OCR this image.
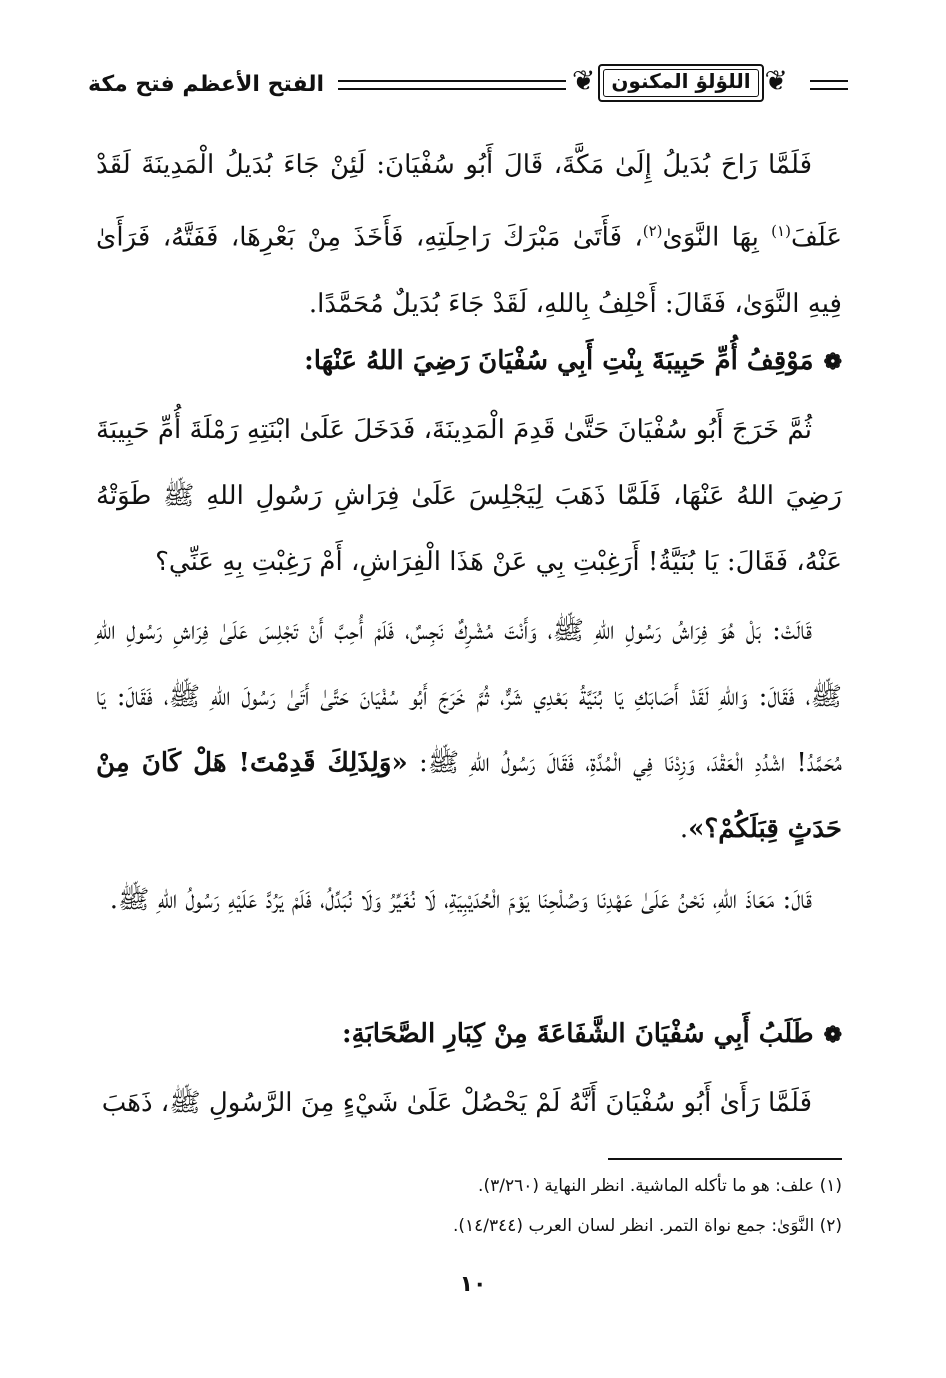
❦
اللؤلؤ المكنون
❦
الفتح الأعظم فتح مكة

فَلَمَّا رَاحَ بُدَيلُ إِلَىٰ مَكَّةَ، قَالَ أَبُو سُفْيَانَ: لَئِنْ جَاءَ بُدَيلُ الْمَدِينَةَ لَقَدْ عَلَفَ$^{(١)}$ بِهَا النَّوَىٰ$^{(٢)}$، فَأَتَىٰ مَبْرَكَ رَاحِلَتِهِ، فَأَخَذَ مِنْ بَعْرِهَا، فَفَتَّهُ، فَرَأَىٰ فِيهِ النَّوَىٰ، فَقَالَ: أَحْلِفُ بِاللهِ، لَقَدْ جَاءَ بُدَيلٌ مُحَمَّدًا.

❁مَوْقِفُ أُمِّ حَبِيبَةَ بِنْتِ أَبِي سُفْيَانَ رَضِيَ اللهُ عَنْهَا:

ثُمَّ خَرَجَ أَبُو سُفْيَانَ حَتَّىٰ قَدِمَ الْمَدِينَةَ، فَدَخَلَ عَلَىٰ ابْنَتِهِ رَمْلَةَ أُمِّ حَبِيبَةَ رَضِيَ اللهُ عَنْهَا، فَلَمَّا ذَهَبَ لِيَجْلِسَ عَلَىٰ فِرَاشِ رَسُولِ اللهِ ﷺ طَوَتْهُ عَنْهُ، فَقَالَ: يَا بُنَيَّةُ! أَرَغِبْتِ بِي عَنْ هَذَا الْفِرَاشِ، أَمْ رَغِبْتِ بِهِ عَنِّي؟

قَالَتْ: بَلْ هُوَ فِرَاشُ رَسُولِ اللهِ ﷺ، وَأَنْتَ مُشْرِكٌ نَجِسٌ، فَلَمْ أُحِبَّ أَنْ تَجْلِسَ عَلَىٰ فِرَاشِ رَسُولِ اللهِ ﷺ، فَقَالَ: وَاللهِ لَقَدْ أَصَابَكِ يَا بُنَيَّةُ بَعْدِي شَرٌّ، ثُمَّ خَرَجَ أَبُو سُفْيَانَ حَتَّىٰ أَتَىٰ رَسُولَ اللهِ ﷺ، فَقَالَ: يَا مُحَمَّدُ! اشْدُدِ الْعَقْدَ، وَزِدْنَا فِي الْمُدَّةِ، فَقَالَ رَسُولُ اللهِ ﷺ: «وَلِذَلِكَ قَدِمْتَ! هَلْ كَانَ مِنْ حَدَثٍ قِبَلَكُمْ؟».

قَالَ: مَعَاذَ اللهِ، نَحْنُ عَلَىٰ عَهْدِنَا وَصُلْحِنَا يَوْمَ الْحُدَيْبِيَةِ، لَا نُغَيِّرُ وَلَا نُبَدِّلُ، فَلَمْ يَرُدَّ عَلَيْهِ رَسُولُ اللهِ ﷺ.

❁طَلَبُ أَبِي سُفْيَانَ الشَّفَاعَةَ مِنْ كِبَارِ الصَّحَابَةِ:

فَلَمَّا رَأَىٰ أَبُو سُفْيَانَ أَنَّهُ لَمْ يَحْصُلْ عَلَىٰ شَيْءٍ مِنَ الرَّسُولِ ﷺ، ذَهَبَ

(١) علف: هو ما تأكله الماشية. انظر النهاية (٣/٢٦٠).
(٢) النَّوَىٰ: جمع نواة التمر. انظر لسان العرب (١٤/٣٤٤).
١٠
